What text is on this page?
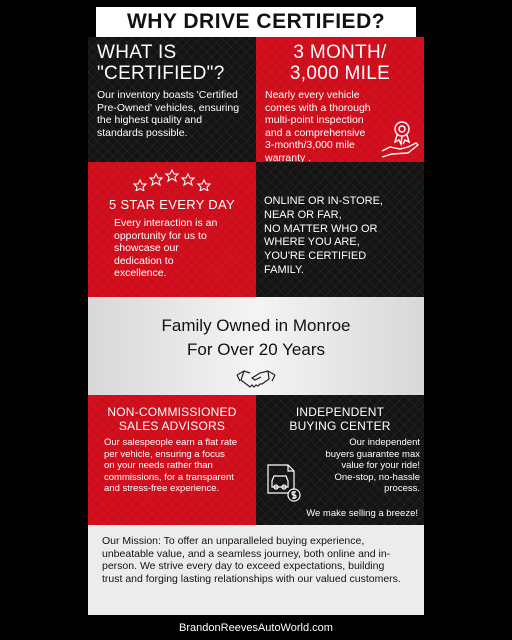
WHY DRIVE CERTIFIED?
WHAT IS
"CERTIFIED"?
Our inventory boasts 'Certified Pre-Owned' vehicles, ensuring the highest quality and standards possible.
3 MONTH/
3,000 MILE
Nearly every vehicle comes with a thorough multi-point inspection and a comprehensive 3-month/3,000 mile warranty .
5 STAR EVERY DAY
Every interaction is an opportunity for us to showcase our dedication to excellence.
ONLINE OR IN-STORE,
NEAR OR FAR,
NO MATTER WHO OR
WHERE YOU ARE,
YOU'RE CERTIFIED
FAMILY.
Family Owned in Monroe
For Over 20 Years
NON-COMMISSIONED
SALES ADVISORS
Our salespeople earn a flat rate per vehicle, ensuring a focus on your needs rather than commissions, for a transparent and stress-free experience.
INDEPENDENT
BUYING CENTER
Our independent buyers guarantee max value for your ride! One-stop, no-hassle process.
We make selling a breeze!
Our Mission: To offer an unparalleled buying experience, unbeatable value, and a seamless journey, both online and in-person. We strive every day to exceed expectations, building trust and forging lasting relationships with our valued customers.
BrandonReevesAutoWorld.com
